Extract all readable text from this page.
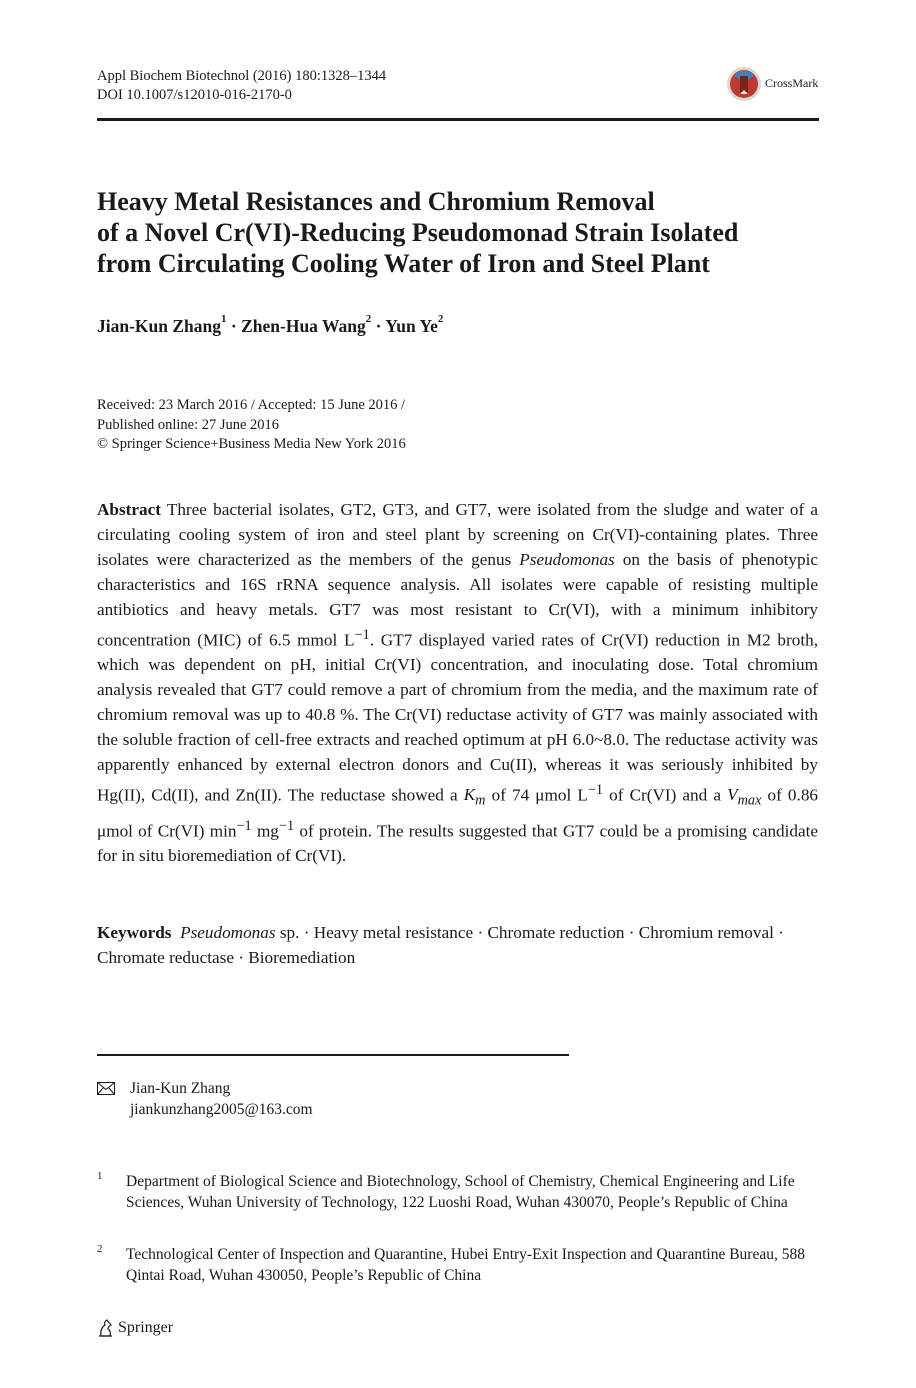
Appl Biochem Biotechnol (2016) 180:1328–1344
DOI 10.1007/s12010-016-2170-0
CrossMark
Heavy Metal Resistances and Chromium Removal
of a Novel Cr(VI)-Reducing Pseudomonad Strain Isolated
from Circulating Cooling Water of Iron and Steel Plant
Jian-Kun Zhang$^1$ · Zhen-Hua Wang$^2$ · Yun Ye$^2$
Received: 23 March 2016 / Accepted: 15 June 2016 /
Published online: 27 June 2016
© Springer Science+Business Media New York 2016
Abstract Three bacterial isolates, GT2, GT3, and GT7, were isolated from the sludge and water of a circulating cooling system of iron and steel plant by screening on Cr(VI)-containing plates. Three isolates were characterized as the members of the genus Pseudomonas on the basis of phenotypic characteristics and 16S rRNA sequence analysis. All isolates were capable of resisting multiple antibiotics and heavy metals. GT7 was most resistant to Cr(VI), with a minimum inhibitory concentration (MIC) of 6.5 mmol $L^{-1}$. GT7 displayed varied rates of Cr(VI) reduction in M2 broth, which was dependent on pH, initial Cr(VI) concentration, and inoculating dose. Total chromium analysis revealed that GT7 could remove a part of chromium from the media, and the maximum rate of chromium removal was up to 40.8 %. The Cr(VI) reductase activity of GT7 was mainly associated with the soluble fraction of cell-free extracts and reached optimum at pH 6.0~8.0. The reductase activity was apparently enhanced by external electron donors and Cu(II), whereas it was seriously inhibited by Hg(II), Cd(II), and Zn(II). The reductase showed a $K_m$ of 74 μmol $L^{-1}$ of Cr(VI) and a $V_{max}$ of 0.86 μmol of Cr(VI) $\min^{-1} mg^{-1}$ of protein. The results suggested that GT7 could be a promising candidate for in situ bioremediation of Cr(VI).
Keywords Pseudomonas sp. · Heavy metal resistance · Chromate reduction · Chromium removal · Chromate reductase · Bioremediation
Jian-Kun Zhang
jiankunzhang2005@163.com
1 Department of Biological Science and Biotechnology, School of Chemistry, Chemical Engineering and Life Sciences, Wuhan University of Technology, 122 Luoshi Road, Wuhan 430070, People’s Republic of China
2 Technological Center of Inspection and Quarantine, Hubei Entry-Exit Inspection and Quarantine Bureau, 588 Qintai Road, Wuhan 430050, People’s Republic of China
Springer
